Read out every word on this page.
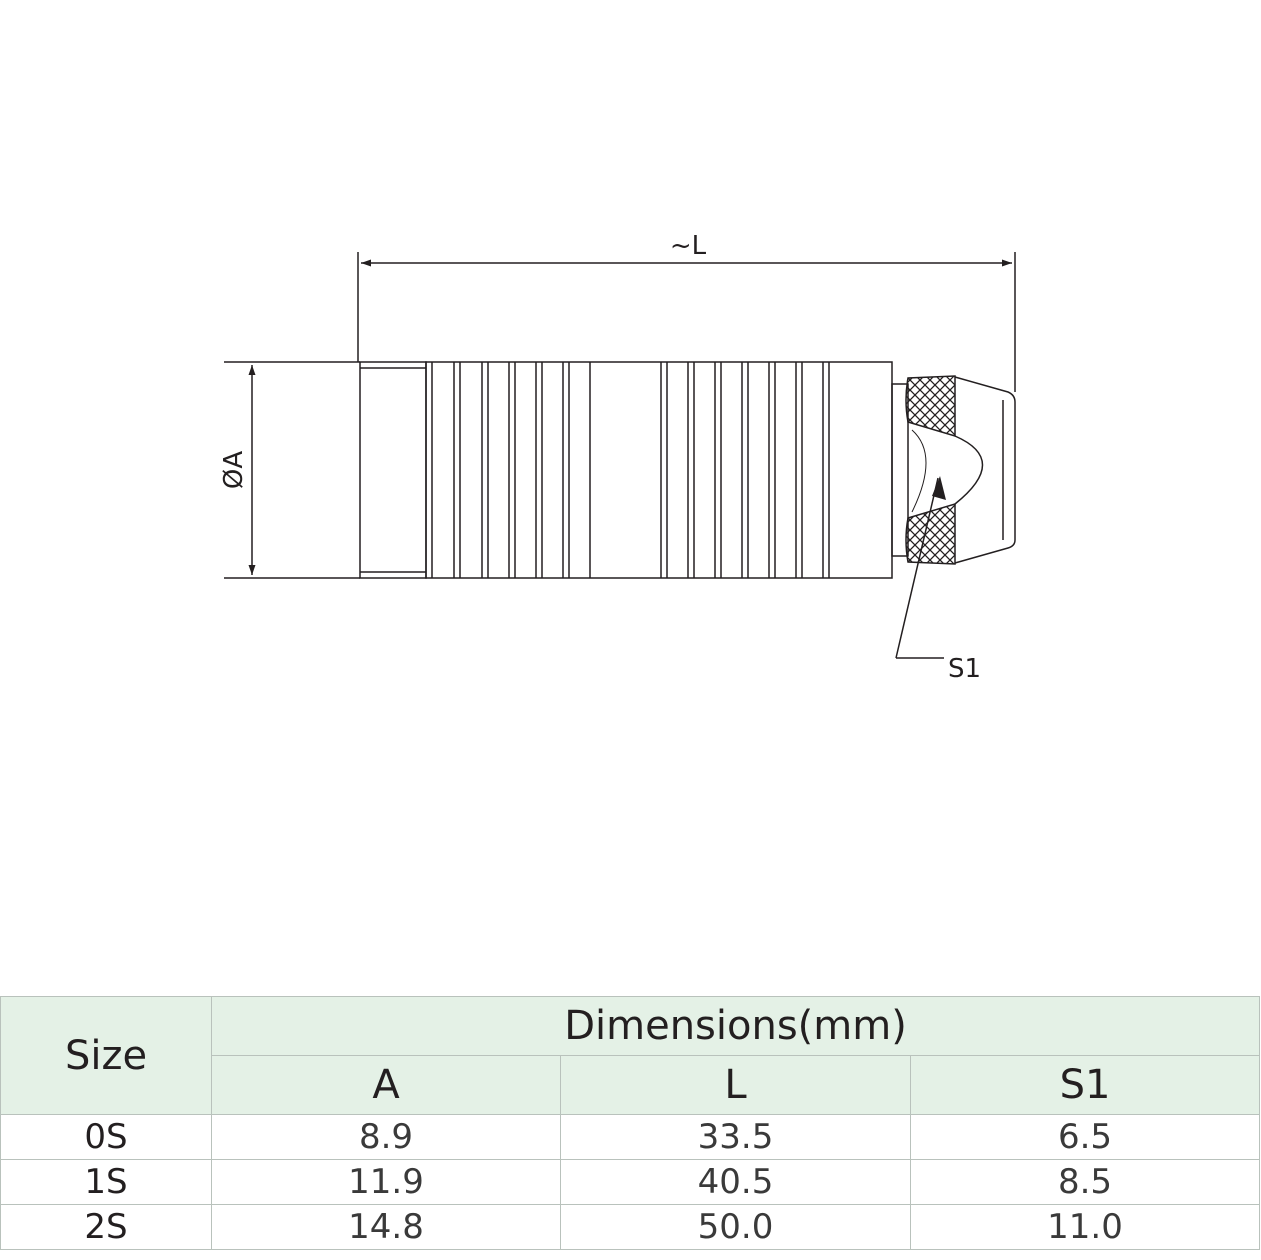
~L
ØA
S1
Size	Dimensions(mm)		
	A	L	S1
0S	8.9	33.5	6.5
1S	11.9	40.5	8.5
2S	14.8	50.0	11.0
